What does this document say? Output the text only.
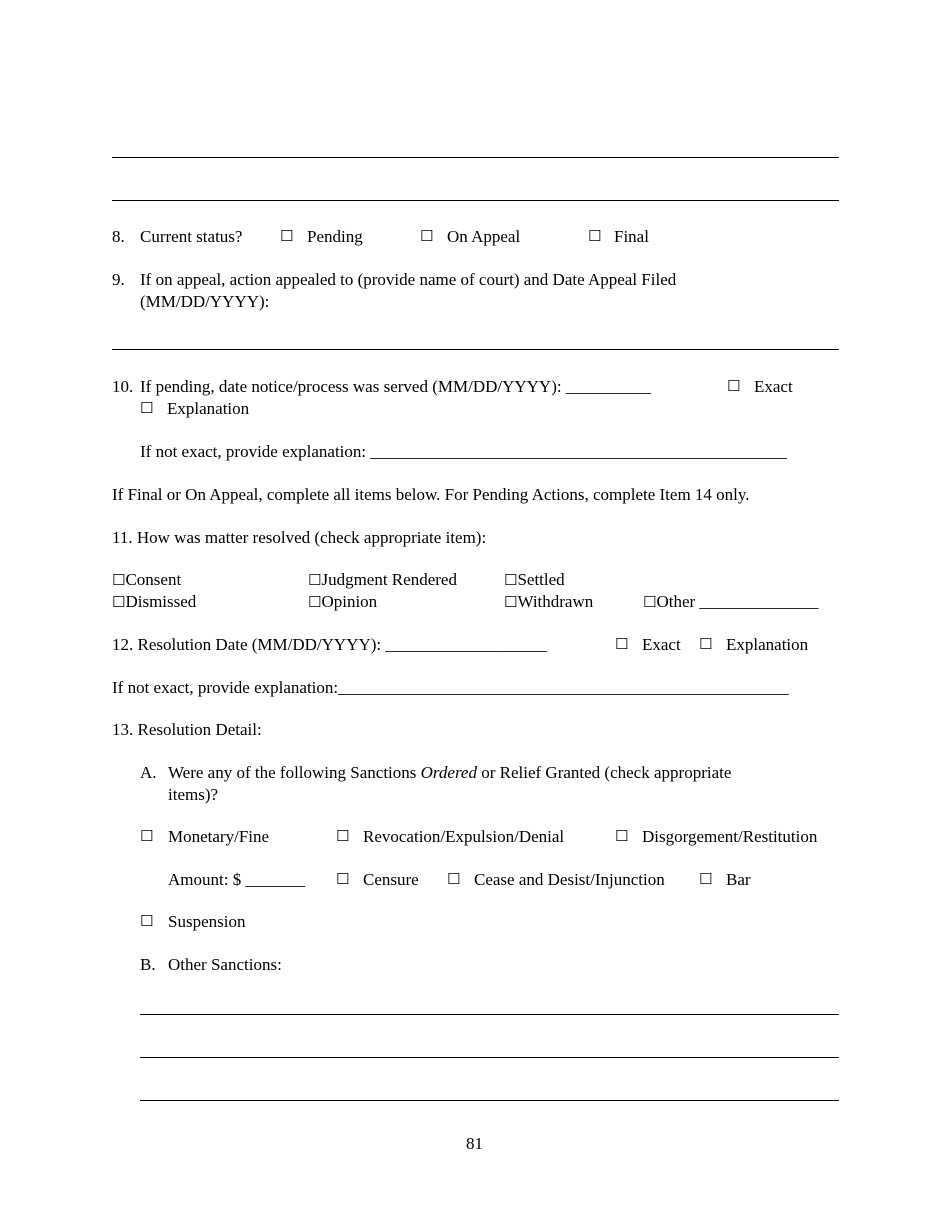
8. Current status?	☐ Pending	☐ On Appeal	☐ Final
9. If on appeal, action appealed to (provide name of court) and Date Appeal Filed
(MM/DD/YYYY):
10. If pending, date notice/process was served (MM/DD/YYYY): __________	☐ Exact
☐ Explanation
If not exact, provide explanation: _________________________________________________
If Final or On Appeal, complete all items below. For Pending Actions, complete Item 14 only.
11. How was matter resolved (check appropriate item):
☐ Consent	☐ Judgment Rendered	☐ Settled
☐ Dismissed	☐ Opinion	☐ Withdrawn	☐ Other ______________
12. Resolution Date (MM/DD/YYYY): ___________________	☐ Exact ☐ Explanation
If not exact, provide explanation:_____________________________________________________
13. Resolution Detail:
A. Were any of the following Sanctions Ordered or Relief Granted (check appropriate
items)?
☐ Monetary/Fine	☐ Revocation/Expulsion/Denial	☐ Disgorgement/Restitution
Amount: $ _______ ☐ Censure ☐ Cease and Desist/Injunction ☐ Bar
☐ Suspension
B. Other Sanctions:
81
